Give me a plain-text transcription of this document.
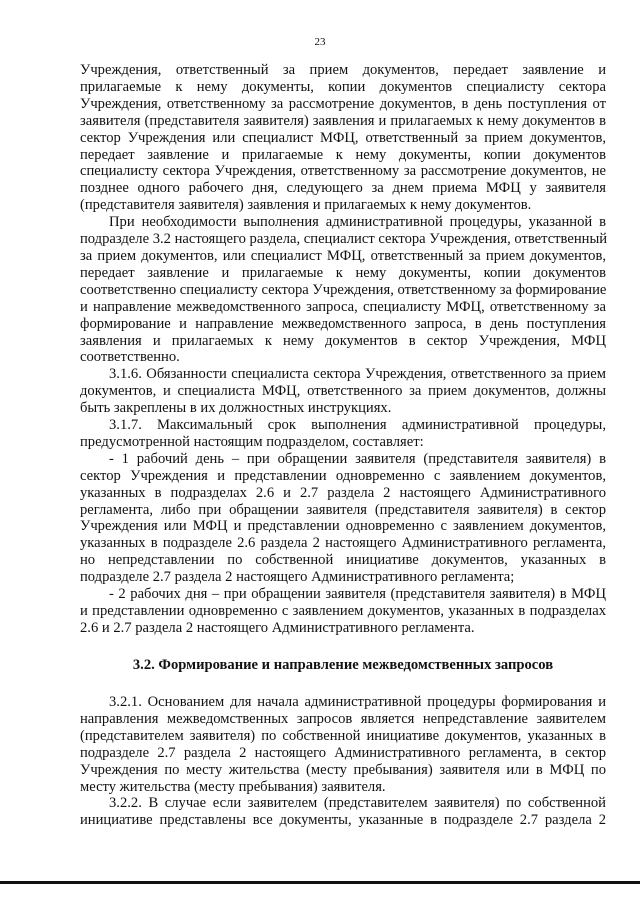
23
Учреждения, ответственный за прием документов, передает заявление и
прилагаемые к нему документы, копии документов специалисту сектора
Учреждения, ответственному за рассмотрение документов, в день поступления от
заявителя (представителя заявителя) заявления и прилагаемых к нему документов в
сектор Учреждения или специалист МФЦ, ответственный за прием документов,
передает заявление и прилагаемые к нему документы, копии документов
специалисту сектора Учреждения, ответственному за рассмотрение документов, не
позднее одного рабочего дня, следующего за днем приема МФЦ у заявителя
(представителя заявителя) заявления и прилагаемых к нему документов.
При необходимости выполнения административной процедуры, указанной в
подразделе 3.2 настоящего раздела, специалист сектора Учреждения, ответственный
за прием документов, или специалист МФЦ, ответственный за прием документов,
передает заявление и прилагаемые к нему документы, копии документов
соответственно специалисту сектора Учреждения, ответственному за формирование
и направление межведомственного запроса, специалисту МФЦ, ответственному за
формирование и направление межведомственного запроса, в день поступления
заявления и прилагаемых к нему документов в сектор Учреждения, МФЦ
соответственно.
3.1.6. Обязанности специалиста сектора Учреждения, ответственного за прием
документов, и специалиста МФЦ, ответственного за прием документов, должны
быть закреплены в их должностных инструкциях.
3.1.7. Максимальный срок выполнения административной процедуры,
предусмотренной настоящим подразделом, составляет:
- 1 рабочий день – при обращении заявителя (представителя заявителя) в
сектор Учреждения и представлении одновременно с заявлением документов,
указанных в подразделах 2.6 и 2.7 раздела 2 настоящего Административного
регламента, либо при обращении заявителя (представителя заявителя) в сектор
Учреждения или МФЦ и представлении одновременно с заявлением документов,
указанных в подразделе 2.6 раздела 2 настоящего Административного регламента,
но непредставлении по собственной инициативе документов, указанных в
подразделе 2.7 раздела 2 настоящего Административного регламента;
- 2 рабочих дня – при обращении заявителя (представителя заявителя) в МФЦ
и представлении одновременно с заявлением документов, указанных в подразделах
2.6 и 2.7 раздела 2 настоящего Административного регламента.
3.2. Формирование и направление межведомственных запросов
3.2.1. Основанием для начала административной процедуры формирования и
направления межведомственных запросов является непредставление заявителем
(представителем заявителя) по собственной инициативе документов, указанных в
подразделе 2.7 раздела 2 настоящего Административного регламента, в сектор
Учреждения по месту жительства (месту пребывания) заявителя или в МФЦ по
месту жительства (месту пребывания) заявителя.
3.2.2. В случае если заявителем (представителем заявителя) по собственной
инициативе представлены все документы, указанные в подразделе 2.7 раздела 2
